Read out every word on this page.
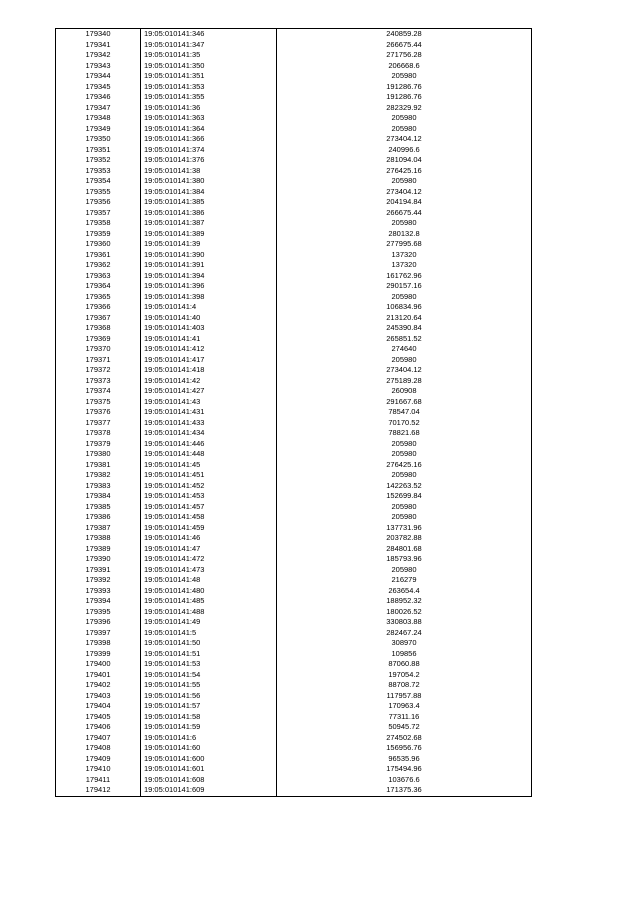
179340	19:05:010141:346	240859.28
179341	19:05:010141:347	266675.44
179342	19:05:010141:35	271756.28
179343	19:05:010141:350	206668.6
179344	19:05:010141:351	205980
179345	19:05:010141:353	191286.76
179346	19:05:010141:355	191286.76
179347	19:05:010141:36	282329.92
179348	19:05:010141:363	205980
179349	19:05:010141:364	205980
179350	19:05:010141:366	273404.12
179351	19:05:010141:374	240996.6
179352	19:05:010141:376	281094.04
179353	19:05:010141:38	276425.16
179354	19:05:010141:380	205980
179355	19:05:010141:384	273404.12
179356	19:05:010141:385	204194.84
179357	19:05:010141:386	266675.44
179358	19:05:010141:387	205980
179359	19:05:010141:389	280132.8
179360	19:05:010141:39	277995.68
179361	19:05:010141:390	137320
179362	19:05:010141:391	137320
179363	19:05:010141:394	161762.96
179364	19:05:010141:396	290157.16
179365	19:05:010141:398	205980
179366	19:05:010141:4	106834.96
179367	19:05:010141:40	213120.64
179368	19:05:010141:403	245390.84
179369	19:05:010141:41	265851.52
179370	19:05:010141:412	274640
179371	19:05:010141:417	205980
179372	19:05:010141:418	273404.12
179373	19:05:010141:42	275189.28
179374	19:05:010141:427	260908
179375	19:05:010141:43	291667.68
179376	19:05:010141:431	78547.04
179377	19:05:010141:433	70170.52
179378	19:05:010141:434	78821.68
179379	19:05:010141:446	205980
179380	19:05:010141:448	205980
179381	19:05:010141:45	276425.16
179382	19:05:010141:451	205980
179383	19:05:010141:452	142263.52
179384	19:05:010141:453	152699.84
179385	19:05:010141:457	205980
179386	19:05:010141:458	205980
179387	19:05:010141:459	137731.96
179388	19:05:010141:46	203782.88
179389	19:05:010141:47	284801.68
179390	19:05:010141:472	185793.96
179391	19:05:010141:473	205980
179392	19:05:010141:48	216279
179393	19:05:010141:480	263654.4
179394	19:05:010141:485	188952.32
179395	19:05:010141:488	180026.52
179396	19:05:010141:49	330803.88
179397	19:05:010141:5	282467.24
179398	19:05:010141:50	308970
179399	19:05:010141:51	109856
179400	19:05:010141:53	87060.88
179401	19:05:010141:54	197054.2
179402	19:05:010141:55	88708.72
179403	19:05:010141:56	117957.88
179404	19:05:010141:57	170963.4
179405	19:05:010141:58	77311.16
179406	19:05:010141:59	50945.72
179407	19:05:010141:6	274502.68
179408	19:05:010141:60	156956.76
179409	19:05:010141:600	96535.96
179410	19:05:010141:601	175494.96
179411	19:05:010141:608	103676.6
179412	19:05:010141:609	171375.36
